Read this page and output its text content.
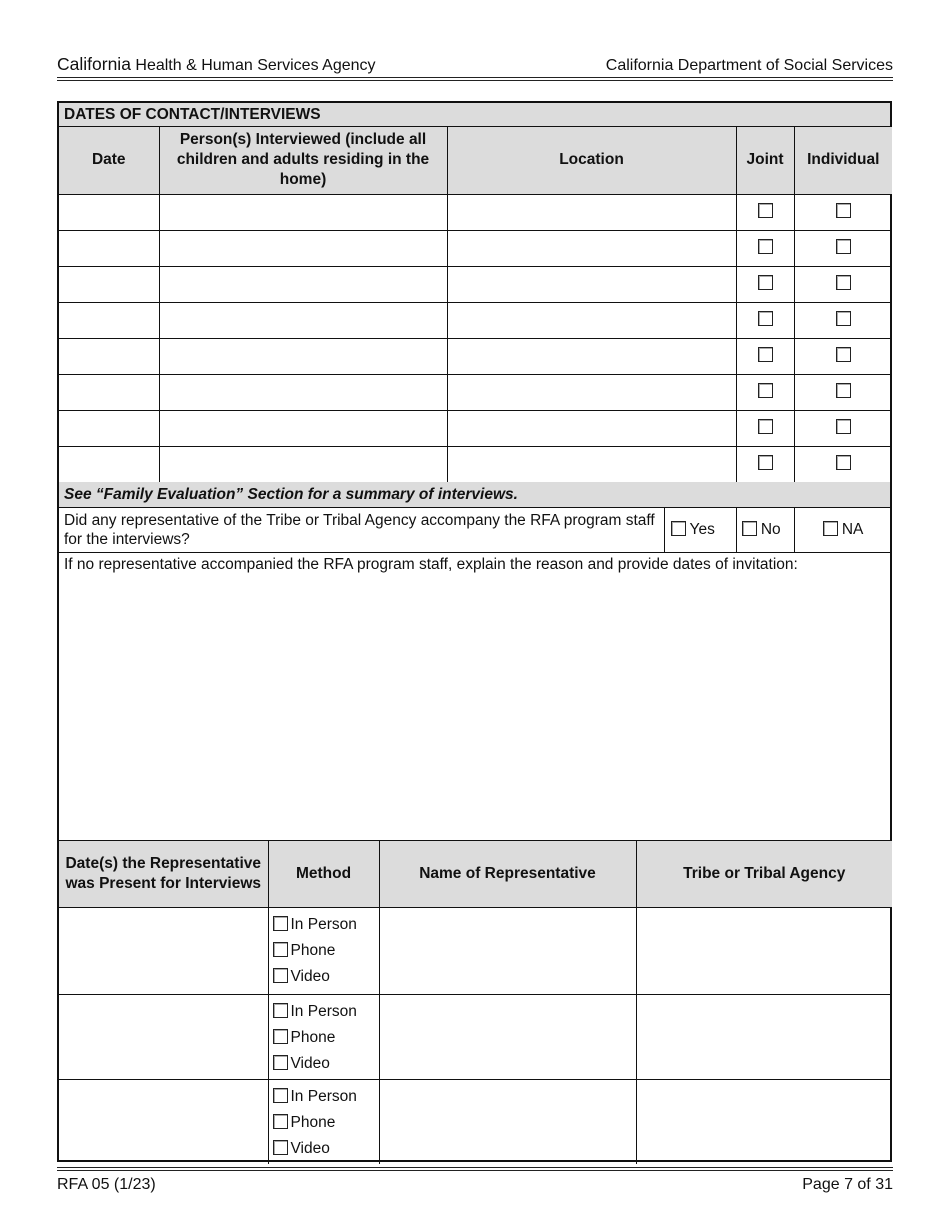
California Health & Human Services Agency	California Department of Social Services
DATES OF CONTACT/INTERVIEWS
Date	Person(s) Interviewed (include all children and adults residing in the home)	Location	Joint	Individual

See “Family Evaluation” Section for a summary of interviews.
Did any representative of the Tribe or Tribal Agency accompany the RFA program staff for the interviews?	Yes	No	NA
If no representative accompanied the RFA program staff, explain the reason and provide dates of invitation:
Date(s) the Representative was Present for Interviews	Method	Name of Representative	Tribe or Tribal Agency

	In Person
Phone
Video		

	In Person
Phone
Video		

	In Person
Phone
Video		

RFA 05 (1/23)	Page 7 of 31
